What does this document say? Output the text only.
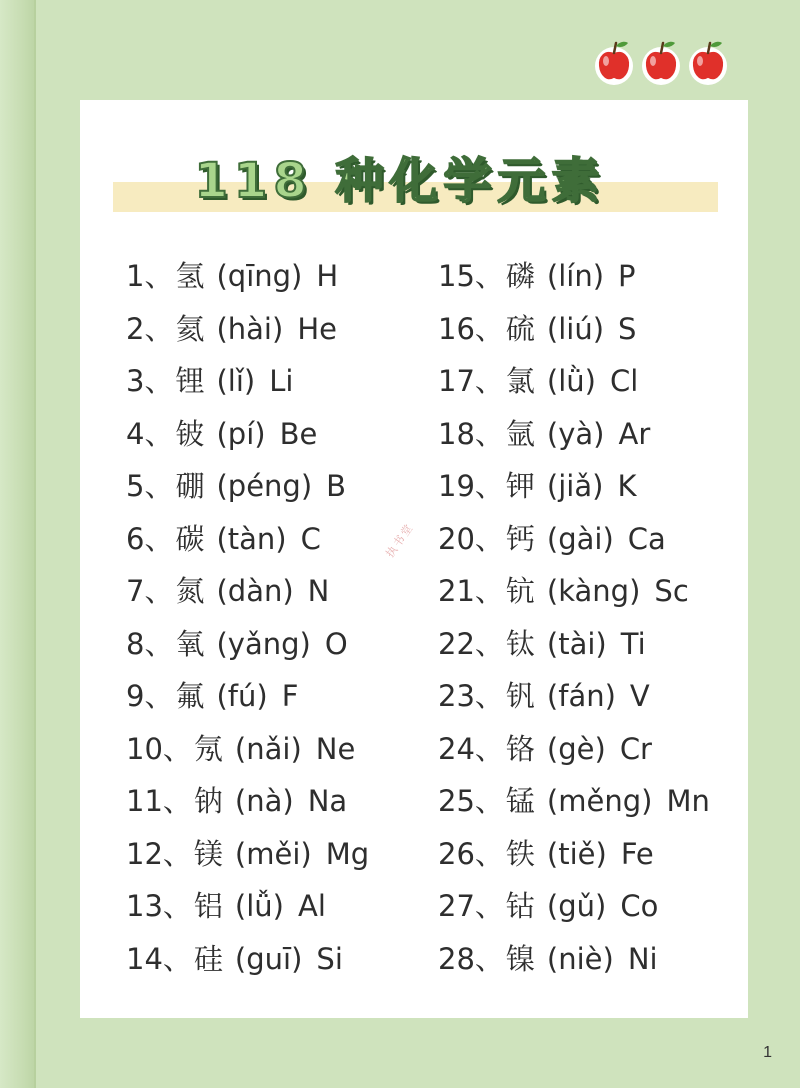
118 种化学元素
1、氢 (qīng) H
2、氦 (hài) He
3、锂 (lǐ) Li
4、铍 (pí) Be
5、硼 (péng) B
6、碳 (tàn) C
7、氮 (dàn) N
8、氧 (yǎng) O
9、氟 (fú) F
10、氖 (nǎi) Ne
11、钠 (nà) Na
12、镁 (měi) Mg
13、铝 (lǚ) Al
14、硅 (guī) Si
15、磷 (lín) P
16、硫 (liú) S
17、氯 (lǜ) Cl
18、氩 (yà) Ar
19、钾 (jiǎ) K
20、钙 (gài) Ca
21、钪 (kàng) Sc
22、钛 (tài) Ti
23、钒 (fán) V
24、铬 (gè) Cr
25、锰 (měng) Mn
26、铁 (tiě) Fe
27、钴 (gǔ) Co
28、镍 (niè) Ni
执书堂
1
